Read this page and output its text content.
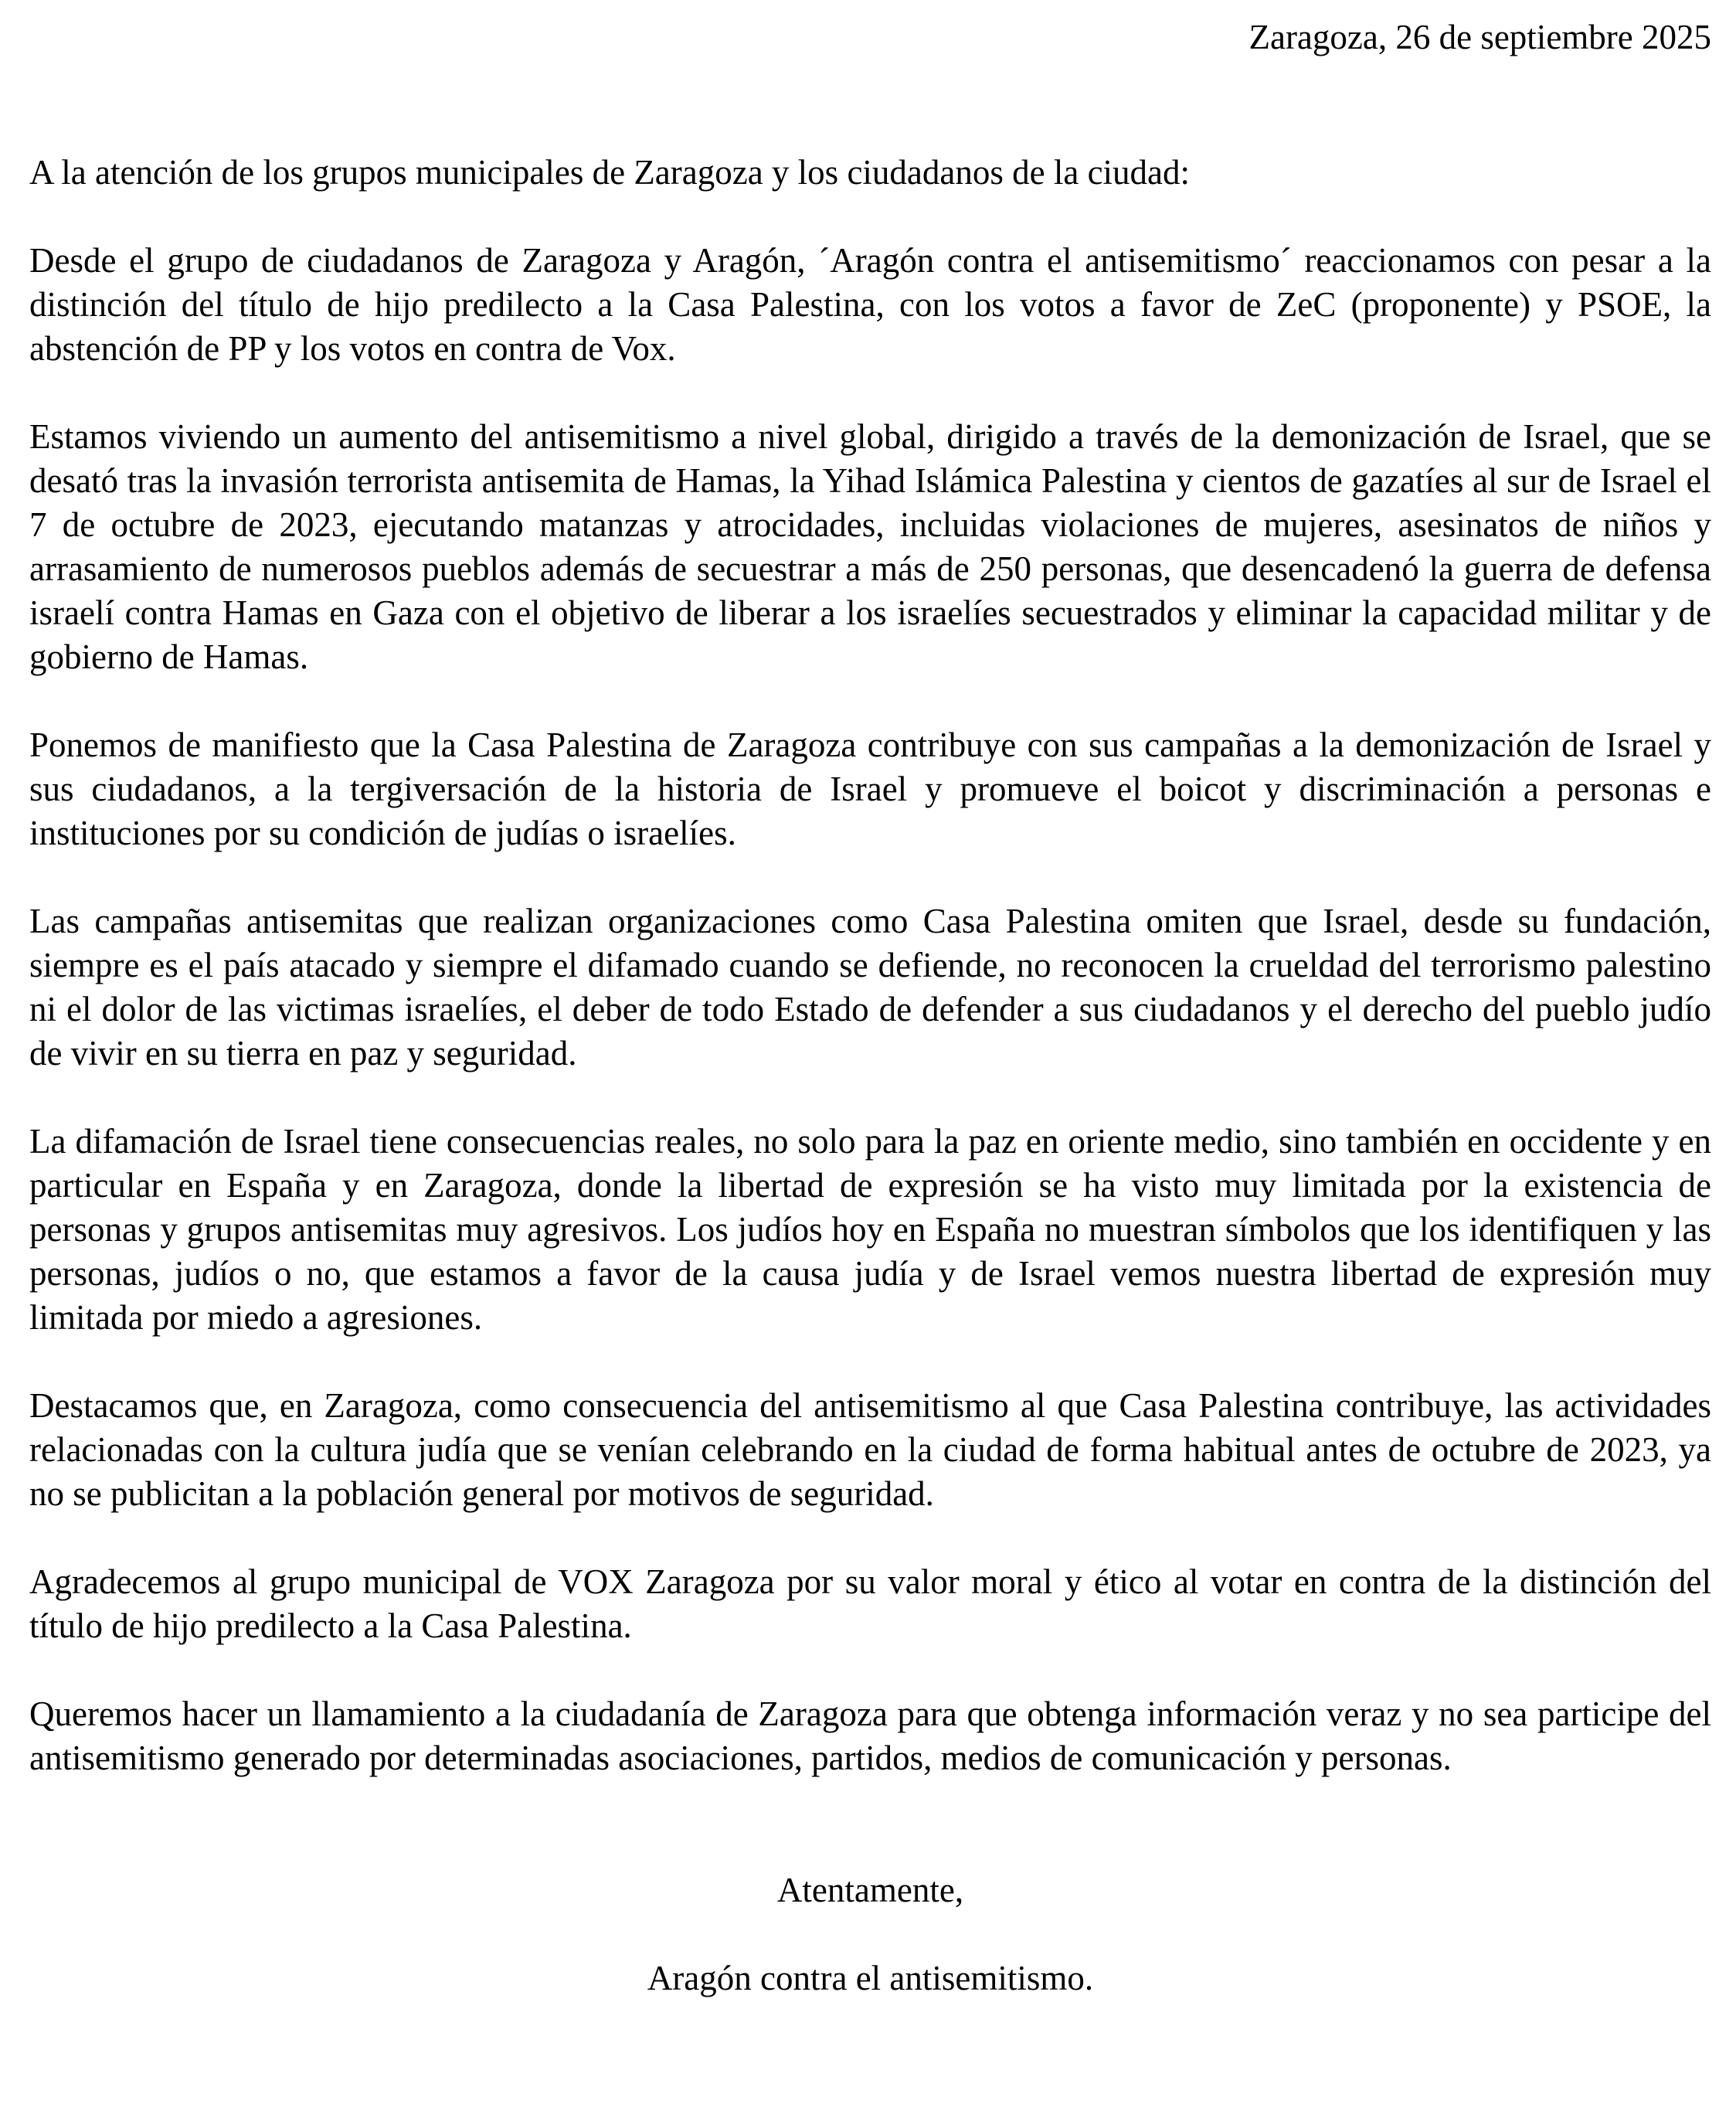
Zaragoza, 26 de septiembre 2025
A la atención de los grupos municipales de Zaragoza y los ciudadanos de la ciudad:

Desde el grupo de ciudadanos de Zaragoza y Aragón, ´Aragón contra el antisemitismo´ reaccionamos con pesar a la distinción del título de hijo predilecto a la Casa Palestina, con los votos a favor de ZeC (proponente) y PSOE, la abstención de PP y los votos en contra de Vox.

Estamos viviendo un aumento del antisemitismo a nivel global, dirigido a través de la demonización de Israel, que se desató tras la invasión terrorista antisemita de Hamas, la Yihad Islámica Palestina y cientos de gazatíes al sur de Israel el 7 de octubre de 2023, ejecutando matanzas y atrocidades, incluidas violaciones de mujeres, asesinatos de niños y arrasamiento de numerosos pueblos además de secuestrar a más de 250 personas, que desencadenó la guerra de defensa israelí contra Hamas en Gaza con el objetivo de liberar a los israelíes secuestrados y eliminar la capacidad militar y de gobierno de Hamas.

Ponemos de manifiesto que la Casa Palestina de Zaragoza contribuye con sus campañas a la demonización de Israel y sus ciudadanos, a la tergiversación de la historia de Israel y promueve el boicot y discriminación a personas e instituciones por su condición de judías o israelíes.

Las campañas antisemitas que realizan organizaciones como Casa Palestina omiten que Israel, desde su fundación, siempre es el país atacado y siempre el difamado cuando se defiende, no reconocen la crueldad del terrorismo palestino ni el dolor de las victimas israelíes, el deber de todo Estado de defender a sus ciudadanos y el derecho del pueblo judío de vivir en su tierra en paz y seguridad.

La difamación de Israel tiene consecuencias reales, no solo para la paz en oriente medio, sino también en occidente y en particular en España y en Zaragoza, donde la libertad de expresión se ha visto muy limitada por la existencia de personas y grupos antisemitas muy agresivos. Los judíos hoy en España no muestran símbolos que los identifiquen y las personas, judíos o no, que estamos a favor de la causa judía y de Israel vemos nuestra libertad de expresión muy limitada por miedo a agresiones.

Destacamos que, en Zaragoza, como consecuencia del antisemitismo al que Casa Palestina contribuye, las actividades relacionadas con la cultura judía que se venían celebrando en la ciudad de forma habitual antes de octubre de 2023, ya no se publicitan a la población general por motivos de seguridad.

Agradecemos al grupo municipal de VOX Zaragoza por su valor moral y ético al votar en contra de la distinción del título de hijo predilecto a la Casa Palestina.

Queremos hacer un llamamiento a la ciudadanía de Zaragoza para que obtenga información veraz y no sea participe del antisemitismo generado por determinadas asociaciones, partidos, medios de comunicación y personas.

Atentamente,
Aragón contra el antisemitismo.
